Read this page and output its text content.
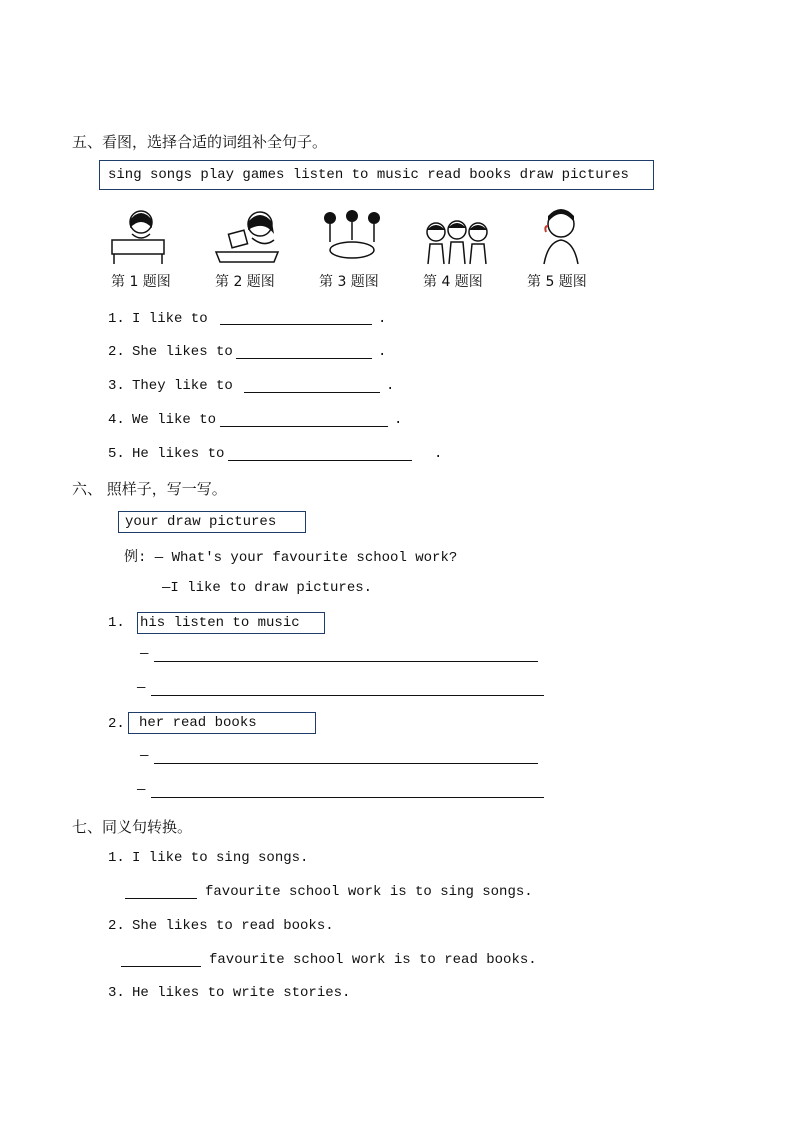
五、看图，选择合适的词组补全句子。
sing songs play games listen to music read books draw pictures
第 1 题图	第 2 题图	第 3 题图	第 4 题图	第 5 题图
1. I like to	.
2. She likes to	.
3. They like to	.
4. We like to	.
5. He likes to	.
六、 照样子，写一写。
your draw pictures
例: — What's your favourite school work?
—I like to draw pictures.
1. his listen to music
—
—
2. her read books
—
—
七、同义句转换。
1. I like to sing songs.
favourite school work is to sing songs.
2. She likes to read books.
favourite school work is to read books.
3. He likes to write stories.
